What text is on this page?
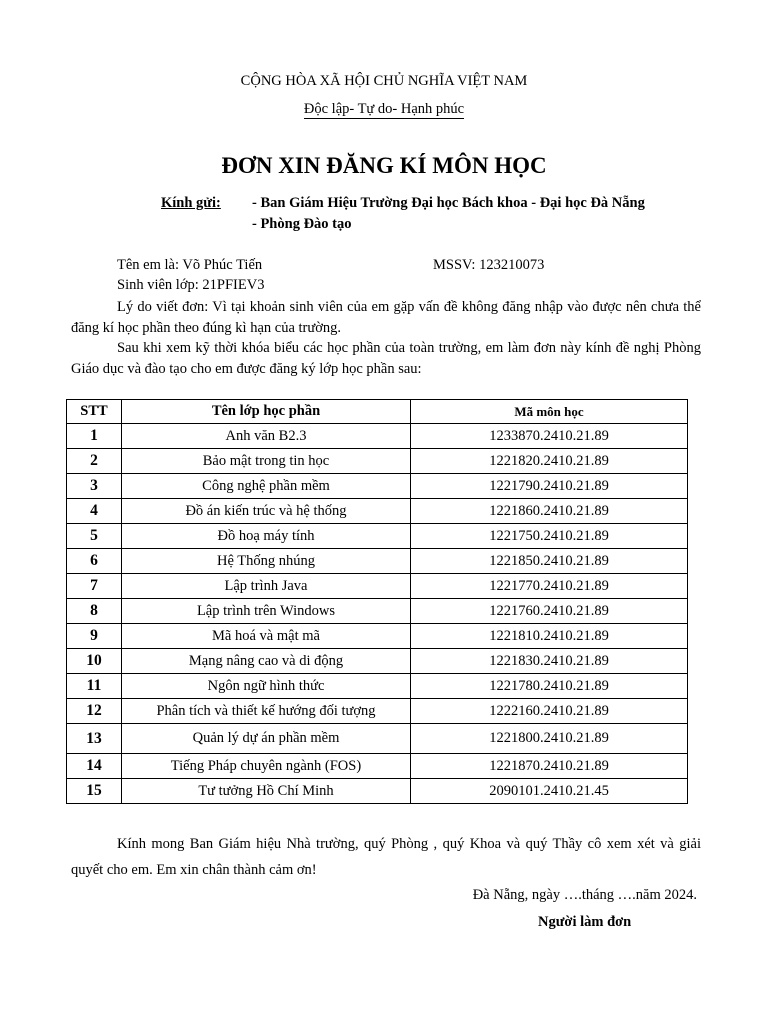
CỘNG HÒA XÃ HỘI CHỦ NGHĨA VIỆT NAM
Độc lập- Tự do- Hạnh phúc
ĐƠN XIN ĐĂNG KÍ MÔN HỌC
Kính gửi: - Ban Giám Hiệu Trường Đại học Bách khoa - Đại học Đà Nẵng
- Phòng Đào tạo
Tên em là: Võ Phúc Tiến	MSSV: 123210073
Sinh viên lớp: 21PFIEV3
Lý do viết đơn: Vì tại khoản sinh viên của em gặp vấn đề không đăng nhập vào được nên chưa thể đăng kí học phần theo đúng kì hạn của trường.
Sau khi xem kỹ thời khóa biểu các học phần của toàn trường, em làm đơn này kính đề nghị Phòng Giáo dục và đào tạo cho em được đăng ký lớp học phần sau:
STT	Tên lớp học phần	Mã môn học
1	Anh văn B2.3	1233870.2410.21.89
2	Bảo mật trong tin học	1221820.2410.21.89
3	Công nghệ phần mềm	1221790.2410.21.89
4	Đồ án kiến trúc và hệ thống	1221860.2410.21.89
5	Đồ hoạ máy tính	1221750.2410.21.89
6	Hệ Thống nhúng	1221850.2410.21.89
7	Lập trình Java	1221770.2410.21.89
8	Lập trình trên Windows	1221760.2410.21.89
9	Mã hoá và mật mã	1221810.2410.21.89
10	Mạng nâng cao và di động	1221830.2410.21.89
11	Ngôn ngữ hình thức	1221780.2410.21.89
12	Phân tích và thiết kế hướng đối tượng	1222160.2410.21.89
13	Quản lý dự án phần mềm	1221800.2410.21.89
14	Tiếng Pháp chuyên ngành (FOS)	1221870.2410.21.89
15	Tư tưởng Hồ Chí Minh	2090101.2410.21.45
Kính mong Ban Giám hiệu Nhà trường, quý Phòng , quý Khoa và quý Thầy cô xem xét và giải quyết cho em. Em xin chân thành cảm ơn!
Đà Nẵng, ngày ….tháng ….năm 2024.
Người làm đơn
